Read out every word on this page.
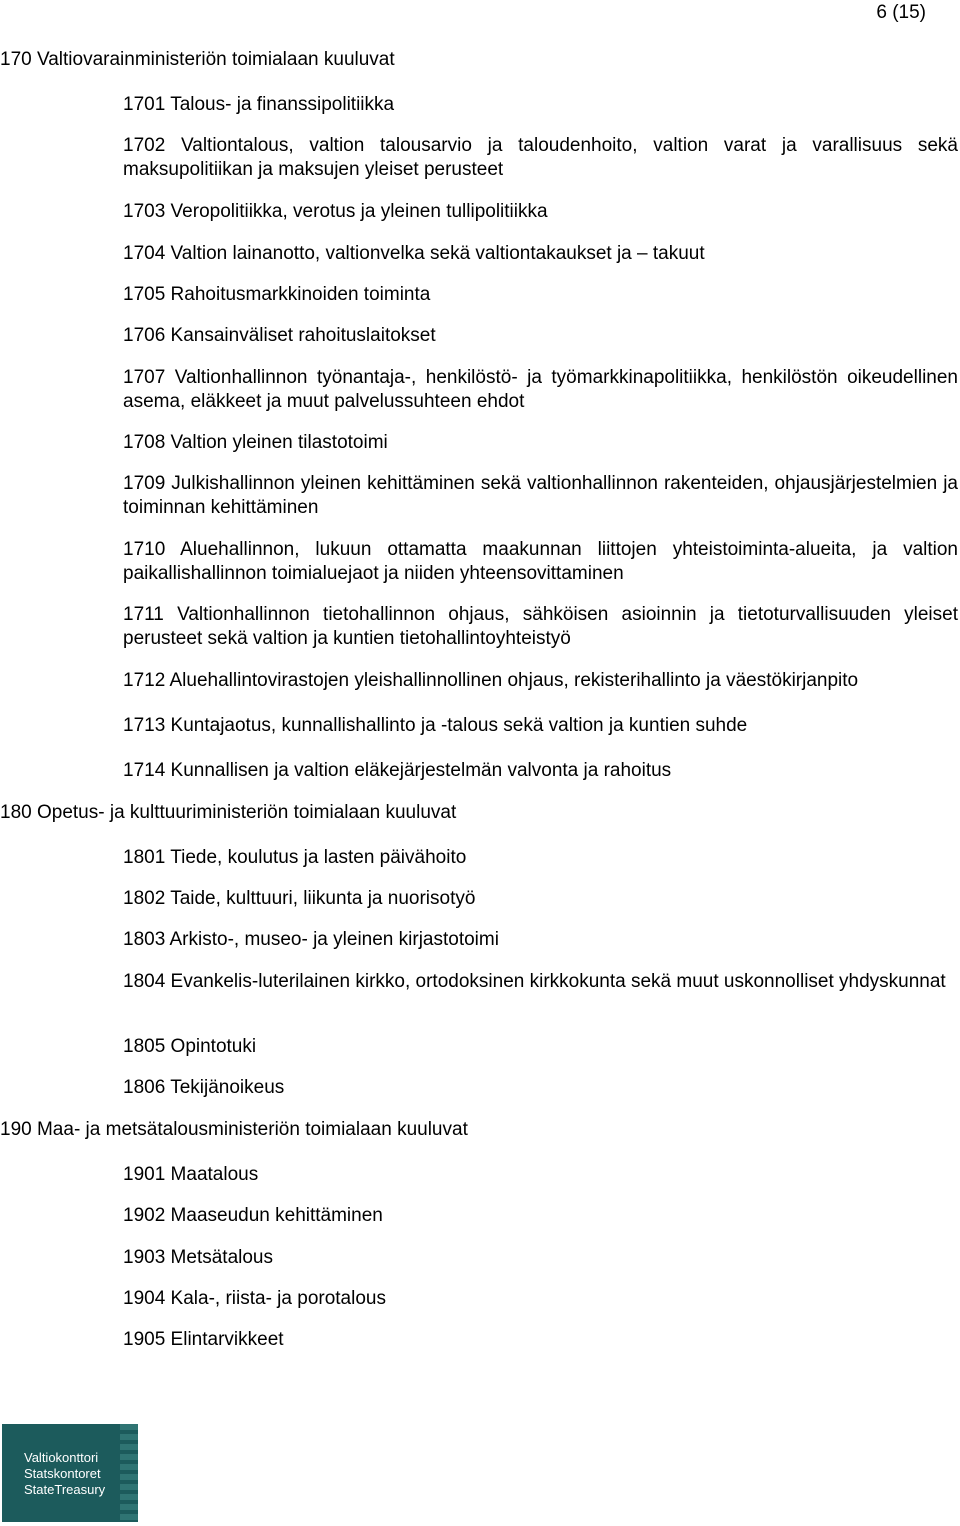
6 (15)

170 Valtiovarainministeriön toimialaan kuuluvat

1701 Talous- ja finanssipolitiikka

1702 Valtiontalous, valtion talousarvio ja taloudenhoito, valtion varat ja varallisuus sekä maksupolitiikan ja maksujen yleiset perusteet

1703 Veropolitiikka, verotus ja yleinen tullipolitiikka

1704 Valtion lainanotto, valtionvelka sekä valtiontakaukset ja – takuut

1705 Rahoitusmarkkinoiden toiminta

1706 Kansainväliset rahoituslaitokset

1707 Valtionhallinnon työnantaja-, henkilöstö- ja työmarkkinapolitiikka, henkilöstön oikeudellinen asema, eläkkeet ja muut palvelussuhteen ehdot

1708 Valtion yleinen tilastotoimi

1709 Julkishallinnon yleinen kehittäminen sekä valtionhallinnon rakenteiden, ohjausjärjestelmien ja toiminnan kehittäminen

1710 Aluehallinnon, lukuun ottamatta maakunnan liittojen yhteistoiminta-alueita, ja valtion paikallishallinnon toimialuejaot ja niiden yhteensovittaminen

1711 Valtionhallinnon tietohallinnon ohjaus, sähköisen asioinnin ja tietoturvallisuuden yleiset perusteet sekä valtion ja kuntien tietohallintoyhteistyö

1712 Aluehallintovirastojen yleishallinnollinen ohjaus, rekisterihallinto ja väestökirjanpito

1713 Kuntajaotus, kunnallishallinto ja -talous sekä valtion ja kuntien suhde

1714 Kunnallisen ja valtion eläkejärjestelmän valvonta ja rahoitus

180 Opetus- ja kulttuuriministeriön toimialaan kuuluvat

1801 Tiede, koulutus ja lasten päivähoito

1802 Taide, kulttuuri, liikunta ja nuorisotyö

1803 Arkisto-, museo- ja yleinen kirjastotoimi

1804 Evankelis-luterilainen kirkko, ortodoksinen kirkkokunta sekä muut uskonnolliset yhdyskunnat

1805 Opintotuki

1806 Tekijänoikeus

190 Maa- ja metsätalousministeriön toimialaan kuuluvat

1901 Maatalous

1902 Maaseudun kehittäminen

1903 Metsätalous

1904 Kala-, riista- ja porotalous

1905 Elintarvikkeet

Valtiokonttori
Statskontoret
StateTreasury
